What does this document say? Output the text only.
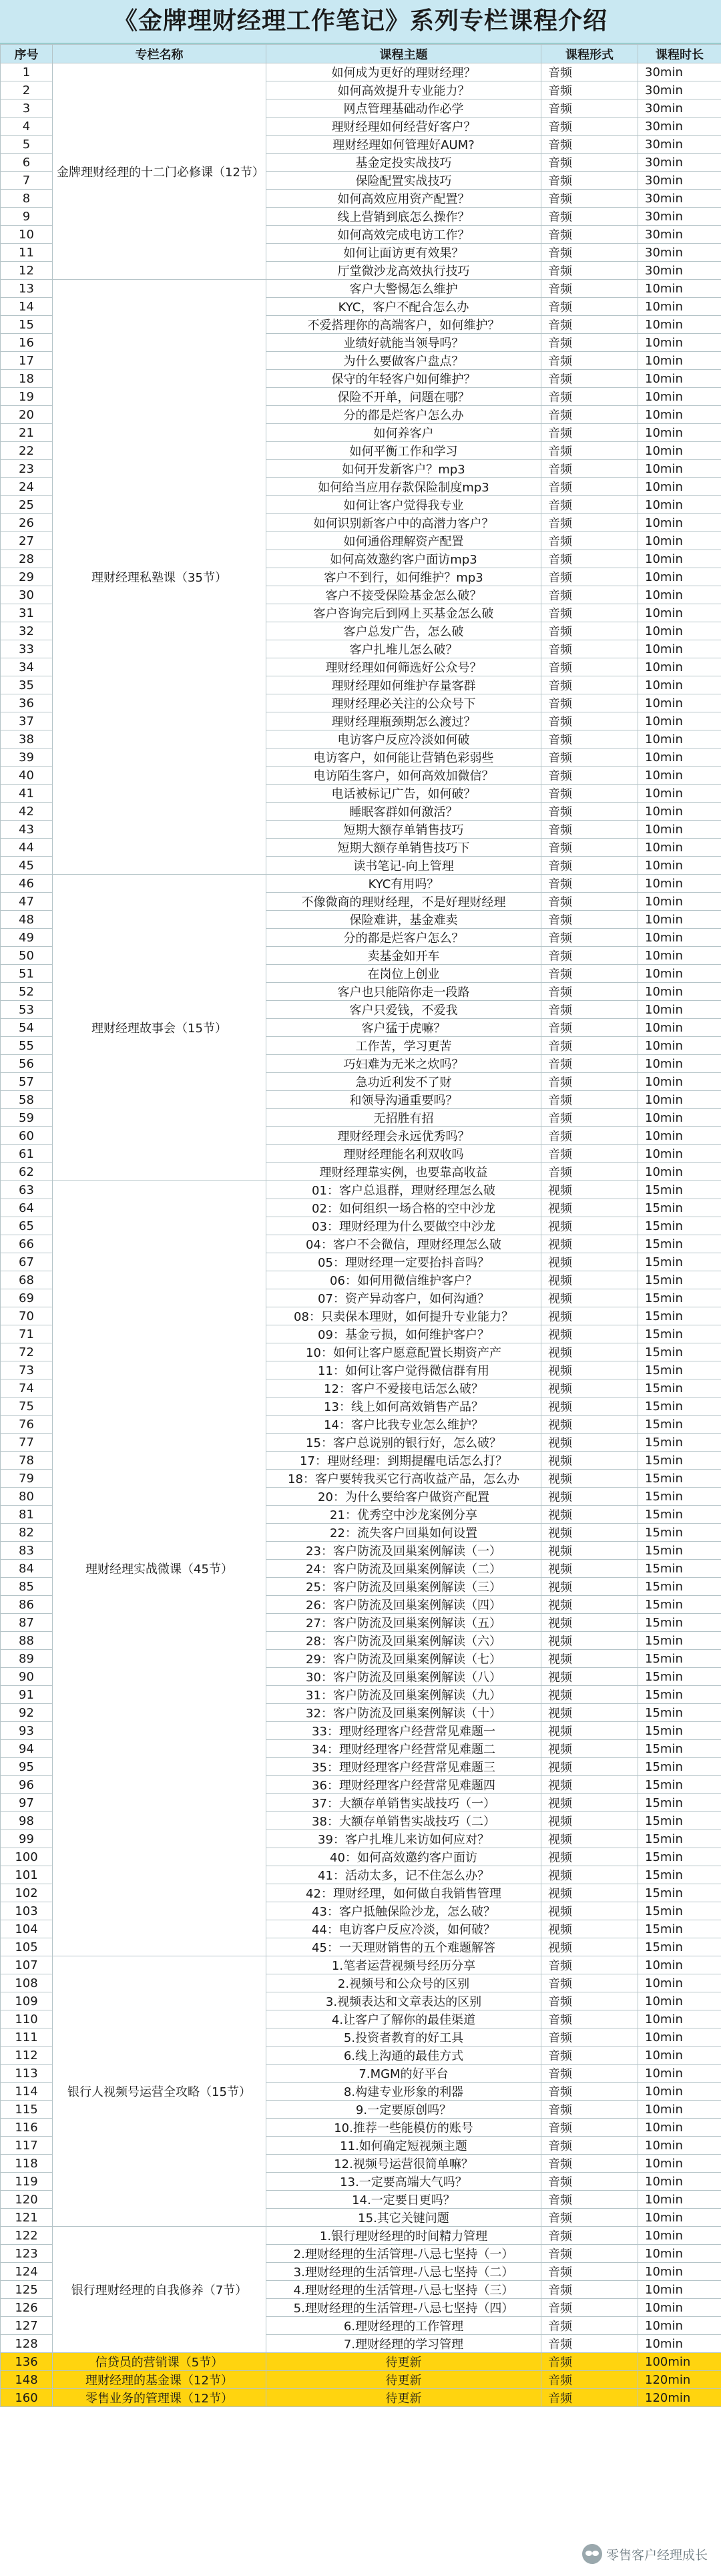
《金牌理财经理工作笔记》系列专栏课程介绍
序号	专栏名称	课程主题	课程形式	课程时长
1	金牌理财经理的十二门必修课（12节）	如何成为更好的理财经理？	音频	30min
2		如何高效提升专业能力？	音频	30min
3		网点管理基础动作必学	音频	30min
4		理财经理如何经营好客户？	音频	30min
5		理财经理如何管理好AUM?	音频	30min
6		基金定投实战技巧	音频	30min
7		保险配置实战技巧	音频	30min
8		如何高效应用资产配置？	音频	30min
9		线上营销到底怎么操作？	音频	30min
10		如何高效完成电访工作？	音频	30min
11		如何让面访更有效果？	音频	30min
12		厅堂微沙龙高效执行技巧	音频	30min
13	理财经理私塾课（35节）	客户大警惕怎么维护	音频	10min
14		KYC，客户不配合怎么办	音频	10min
15		不爱搭理你的高端客户，如何维护？	音频	10min
16		业绩好就能当领导吗？	音频	10min
17		为什么要做客户盘点？	音频	10min
18		保守的年轻客户如何维护？	音频	10min
19		保险不开单，问题在哪？	音频	10min
20		分的都是烂客户怎么办	音频	10min
21		如何养客户	音频	10min
22		如何平衡工作和学习	音频	10min
23		如何开发新客户？mp3	音频	10min
24		如何给当应用存款保险制度mp3	音频	10min
25		如何让客户觉得我专业	音频	10min
26		如何识别新客户中的高潜力客户？	音频	10min
27		如何通俗理解资产配置	音频	10min
28		如何高效邀约客户面访mp3	音频	10min
29		客户不到行，如何维护？mp3	音频	10min
30		客户不接受保险基金怎么破？	音频	10min
31		客户咨询完后到网上买基金怎么破	音频	10min
32		客户总发广告，怎么破	音频	10min
33		客户扎堆儿怎么破？	音频	10min
34		理财经理如何筛选好公众号？	音频	10min
35		理财经理如何维护存量客群	音频	10min
36		理财经理必关注的公众号下	音频	10min
37		理财经理瓶颈期怎么渡过？	音频	10min
38		电访客户反应冷淡如何破	音频	10min
39		电访客户，如何能让营销色彩弱些	音频	10min
40		电访陌生客户，如何高效加微信？	音频	10min
41		电话被标记广告，如何破？	音频	10min
42		睡眠客群如何激活？	音频	10min
43		短期大额存单销售技巧	音频	10min
44		短期大额存单销售技巧下	音频	10min
45		读书笔记-向上管理	音频	10min
46	理财经理故事会（15节）	KYC有用吗？	音频	10min
47		不像微商的理财经理，不是好理财经理	音频	10min
48		保险难讲，基金难卖	音频	10min
49		分的都是烂客户怎么？	音频	10min
50		卖基金如开车	音频	10min
51		在岗位上创业	音频	10min
52		客户也只能陪你走一段路	音频	10min
53		客户只爱钱，不爱我	音频	10min
54		客户猛于虎嘛？	音频	10min
55		工作苦，学习更苦	音频	10min
56		巧妇难为无米之炊吗？	音频	10min
57		急功近利发不了财	音频	10min
58		和领导沟通重要吗？	音频	10min
59		无招胜有招	音频	10min
60		理财经理会永远优秀吗？	音频	10min
61		理财经理能名利双收吗	音频	10min
62		理财经理靠实例，也要靠高收益	音频	10min
63	理财经理实战微课（45节）	01：客户总退群，理财经理怎么破	视频	15min
64		02：如何组织一场合格的空中沙龙	视频	15min
65		03：理财经理为什么要做空中沙龙	视频	15min
66		04：客户不会微信，理财经理怎么破	视频	15min
67		05：理财经理一定要抬抖音吗？	视频	15min
68		06：如何用微信维护客户？	视频	15min
69		07：资产异动客户，如何沟通？	视频	15min
70		08：只卖保本理财，如何提升专业能力？	视频	15min
71		09：基金亏损，如何维护客户？	视频	15min
72		10：如何让客户愿意配置长期资产产	视频	15min
73		11：如何让客户觉得微信群有用	视频	15min
74		12：客户不爱接电话怎么破？	视频	15min
75		13：线上如何高效销售产品？	视频	15min
76		14：客户比我专业怎么维护？	视频	15min
77		15：客户总说别的银行好，怎么破？	视频	15min
78		17：理财经理：到期提醒电话怎么打？	视频	15min
79		18：客户要转我买它行高收益产品，怎么办	视频	15min
80		20：为什么要给客户做资产配置	视频	15min
81		21：优秀空中沙龙案例分享	视频	15min
82		22：流失客户回巢如何设置	视频	15min
83		23：客户防流及回巢案例解读（一）	视频	15min
84		24：客户防流及回巢案例解读（二）	视频	15min
85		25：客户防流及回巢案例解读（三）	视频	15min
86		26：客户防流及回巢案例解读（四）	视频	15min
87		27：客户防流及回巢案例解读（五）	视频	15min
88		28：客户防流及回巢案例解读（六）	视频	15min
89		29：客户防流及回巢案例解读（七）	视频	15min
90		30：客户防流及回巢案例解读（八）	视频	15min
91		31：客户防流及回巢案例解读（九）	视频	15min
92		32：客户防流及回巢案例解读（十）	视频	15min
93		33：理财经理客户经营常见难题一	视频	15min
94		34：理财经理客户经营常见难题二	视频	15min
95		35：理财经理客户经营常见难题三	视频	15min
96		36：理财经理客户经营常见难题四	视频	15min
97		37：大额存单销售实战技巧（一）	视频	15min
98		38：大额存单销售实战技巧（二）	视频	15min
99		39：客户扎堆儿来访如何应对？	视频	15min
100		40：如何高效邀约客户面访	视频	15min
101		41：活动太多，记不住怎么办？	视频	15min
102		42：理财经理，如何做自我销售管理	视频	15min
103		43：客户抵触保险沙龙，怎么破？	视频	15min
104		44：电访客户反应冷淡，如何破？	视频	15min
105		45：一天理财销售的五个难题解答	视频	15min
107	银行人视频号运营全攻略（15节）	1.笔者运营视频号经历分享	音频	10min
108		2.视频号和公众号的区别	音频	10min
109		3.视频表达和文章表达的区别	音频	10min
110		4.让客户了解你的最佳渠道	音频	10min
111		5.投资者教育的好工具	音频	10min
112		6.线上沟通的最佳方式	音频	10min
113		7.MGM的好平台	音频	10min
114		8.构建专业形象的利器	音频	10min
115		9.一定要原创吗？	音频	10min
116		10.推荐一些能模仿的账号	音频	10min
117		11.如何确定短视频主题	音频	10min
118		12.视频号运营很简单嘛？	音频	10min
119		13.一定要高端大气吗？	音频	10min
120		14.一定要日更吗？	音频	10min
121		15.其它关键问题	音频	10min
122	银行理财经理的自我修养（7节）	1.银行理财经理的时间精力管理	音频	10min
123		2.理财经理的生活管理-八忌七坚持（一）	音频	10min
124		3.理财经理的生活管理-八忌七坚持（二）	音频	10min
125		4.理财经理的生活管理-八忌七坚持（三）	音频	10min
126		5.理财经理的生活管理-八忌七坚持（四）	音频	10min
127		6.理财经理的工作管理	音频	10min
128		7.理财经理的学习管理	音频	10min
136	信贷员的营销课（5节）	待更新	音频	100min
148	理财经理的基金课（12节）	待更新	音频	120min
160	零售业务的管理课（12节）	待更新	音频	120min
零售客户经理成长
